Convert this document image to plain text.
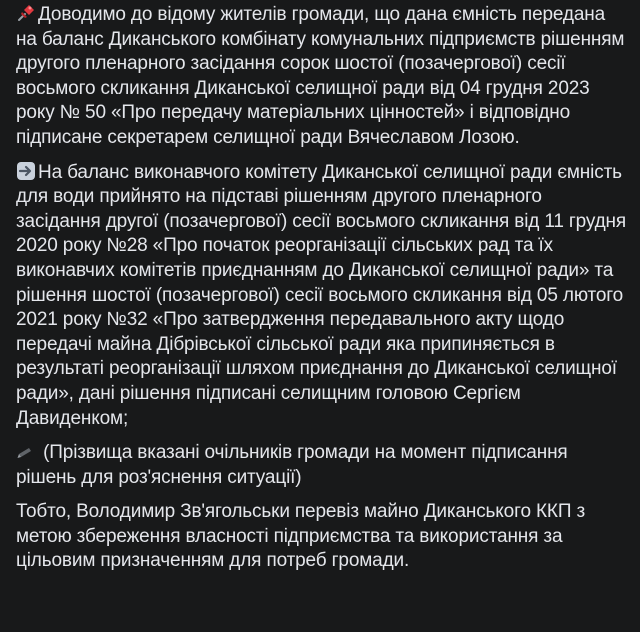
Доводимо до відому жителів громади, що дана ємність передана на баланс Диканського комбінату комунальних підприємств рішенням другого пленарного засідання сорок шостої (позачергової) сесії восьмого скликання Диканської селищної ради від 04 грудня 2023 року № 50 «Про передачу матеріальних цінностей» і відповідно підписане секретарем селищної ради Вячеславом Лозою.

На баланс виконавчого комітету Диканської селищної ради ємність для води прийнято на підставі рішенням другого пленарного засідання другої (позачергової) сесії восьмого скликання від 11 грудня 2020 року №28 «Про початок реорганізації сільських рад та їх виконавчих комітетів приєднанням до Диканської селищної ради» та рішення шостої (позачергової) сесії восьмого скликання від 05 лютого 2021 року №32 «Про затвердження передавального акту щодо передачі майна Дібрівської сільської ради яка припиняється в результаті реорганізації шляхом приєднання до Диканської селищної ради», дані рішення підписані селищним головою Сергієм Давиденком;

(Прізвища вказані очільників громади на момент підписання рішень для роз'яснення ситуації)

Тобто, Володимир Зв'ягольськи перевіз майно Диканського ККП з метою збереження власності підприємства та використання за цільовим призначенням для потреб громади.
